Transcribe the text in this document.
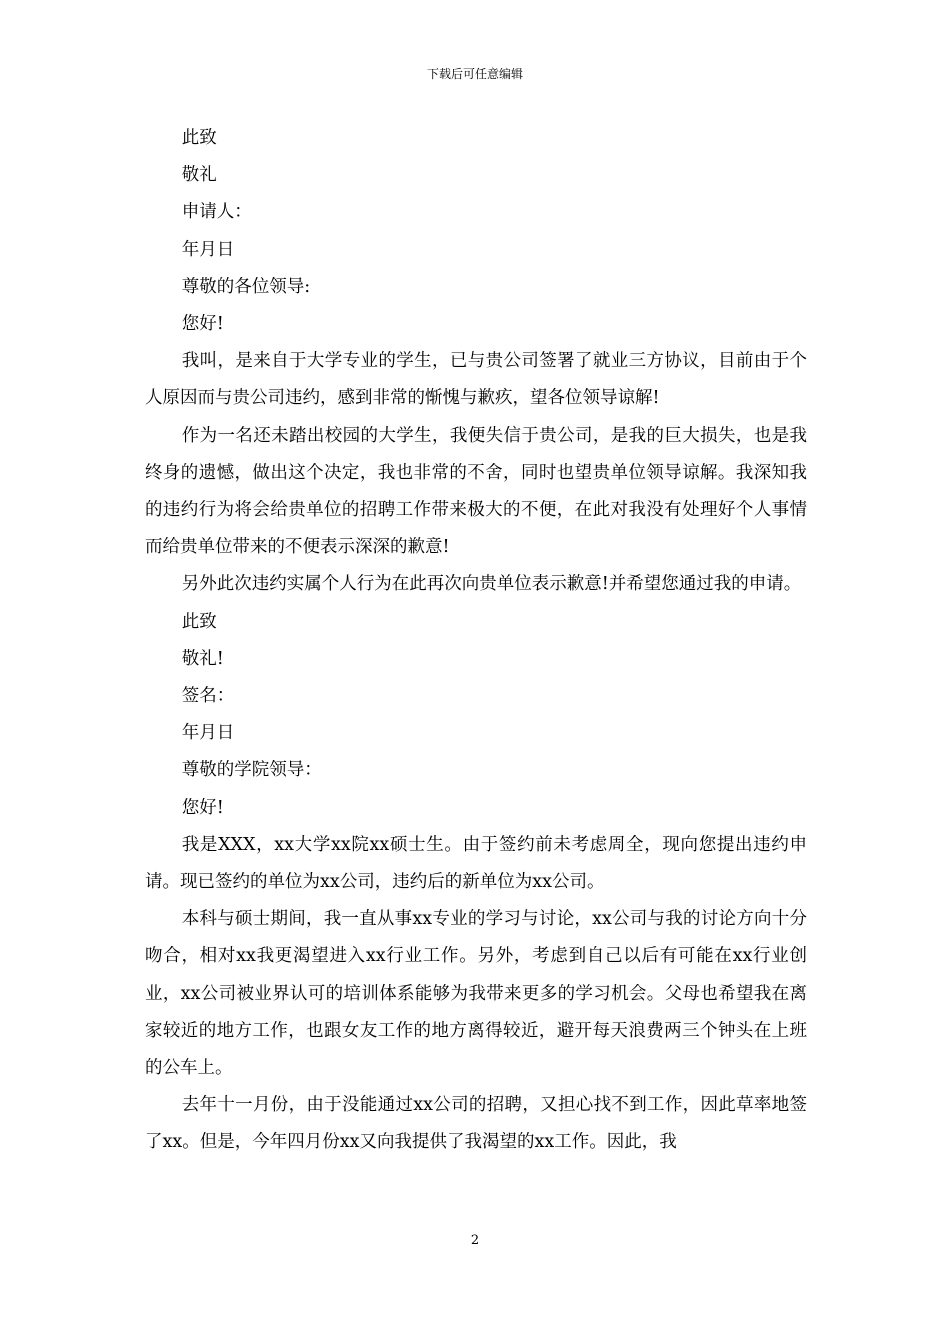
下载后可任意编辑

此致

敬礼

申请人：

年月日

尊敬的各位领导:

您好!

我叫，是来自于大学专业的学生，已与贵公司签署了就业三方协议，目前由于个人原因而与贵公司违约，感到非常的惭愧与歉疚，望各位领导谅解!

作为一名还未踏出校园的大学生，我便失信于贵公司，是我的巨大损失，也是我终身的遗憾，做出这个决定，我也非常的不舍，同时也望贵单位领导谅解。我深知我的违约行为将会给贵单位的招聘工作带来极大的不便，在此对我没有处理好个人事情而给贵单位带来的不便表示深深的歉意!

另外此次违约实属个人行为在此再次向贵单位表示歉意!并希望您通过我的申请。

此致

敬礼!

签名：

年月日

尊敬的学院领导：

您好!

我是XXX，xx大学xx院xx硕士生。由于签约前未考虑周全，现向您提出违约申请。现已签约的单位为xx公司，违约后的新单位为xx公司。

本科与硕士期间，我一直从事xx专业的学习与讨论，xx公司与我的讨论方向十分吻合，相对xx我更渴望进入xx行业工作。另外，考虑到自己以后有可能在xx行业创业，xx公司被业界认可的培训体系能够为我带来更多的学习机会。父母也希望我在离家较近的地方工作，也跟女友工作的地方离得较近，避开每天浪费两三个钟头在上班的公车上。

去年十一月份，由于没能通过xx公司的招聘，又担心找不到工作，因此草率地签了xx。但是，今年四月份xx又向我提供了我渴望的xx工作。因此，我

2
